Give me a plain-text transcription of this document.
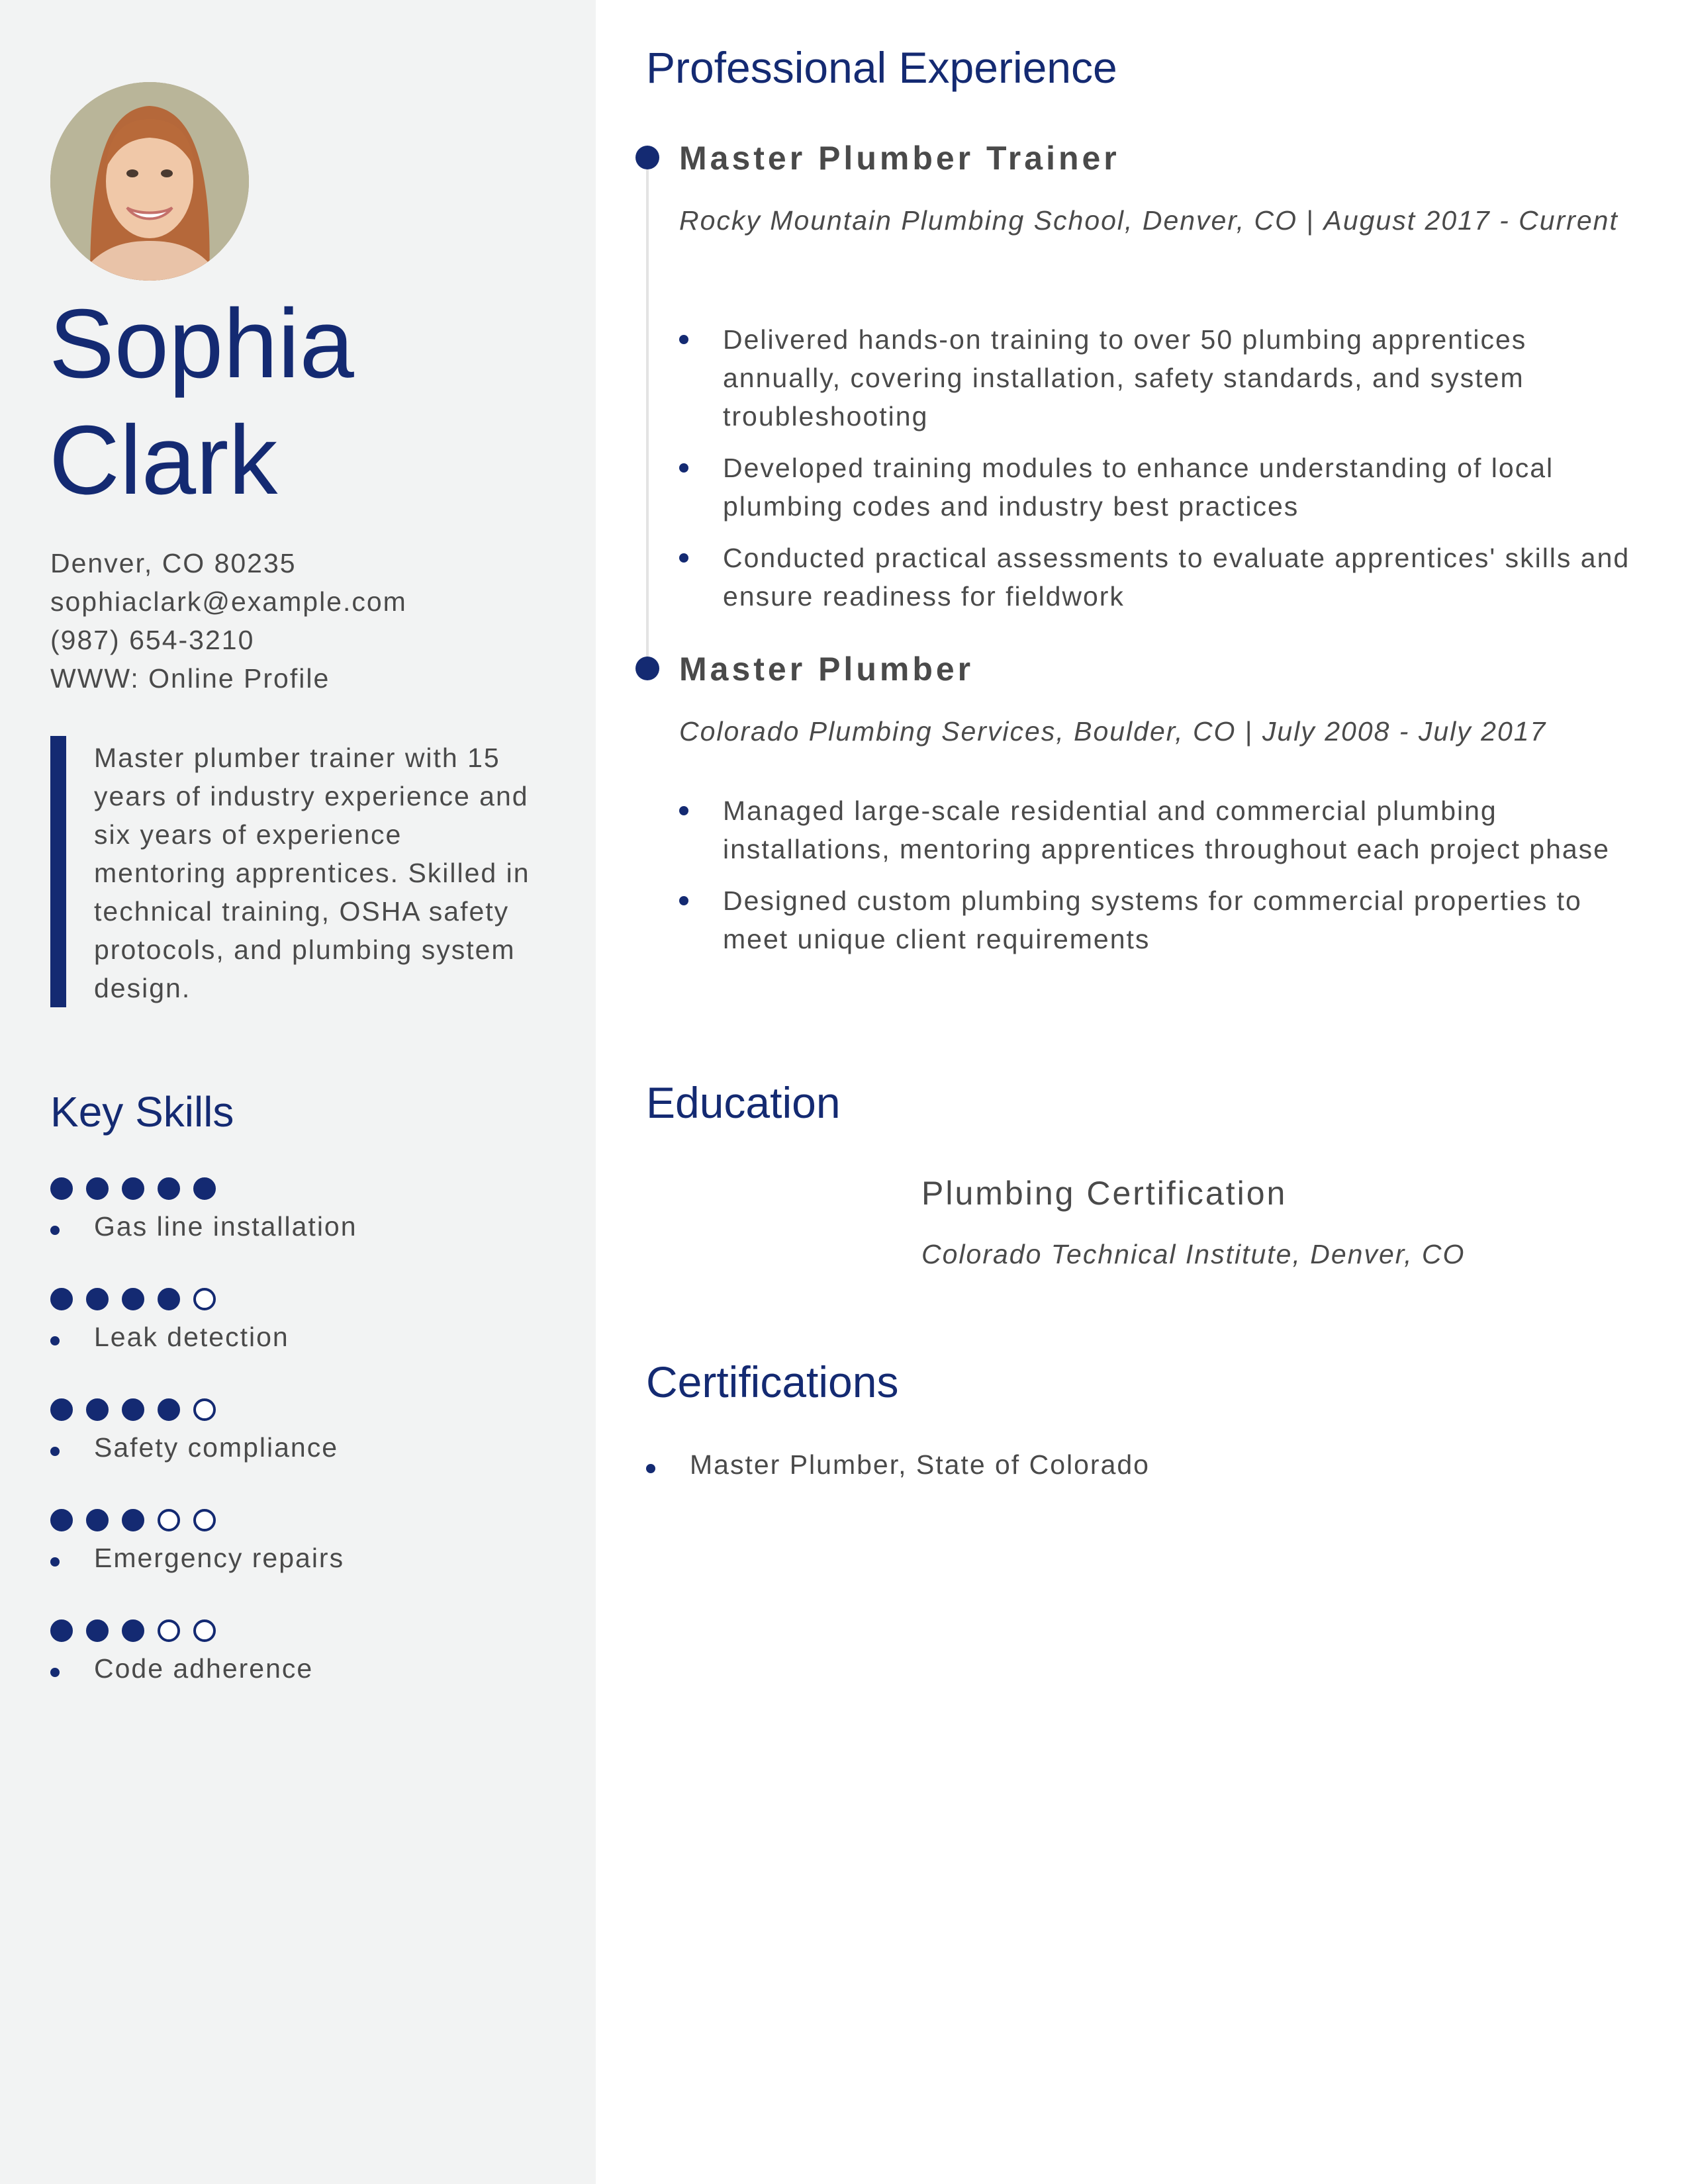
Sophia
Clark
Denver, CO 80235
sophiaclark@example.com
(987) 654-3210
WWW: Online Profile
Master plumber trainer with 15 years of industry experience and six years of experience mentoring apprentices. Skilled in technical training, OSHA safety protocols, and plumbing system design.
Key Skills
Gas line installation
Leak detection
Safety compliance
Emergency repairs
Code adherence
Professional Experience
Master Plumber Trainer
Rocky Mountain Plumbing School, Denver, CO | August 2017 - Current
Delivered hands-on training to over 50 plumbing apprentices annually, covering installation, safety standards, and system troubleshooting
Developed training modules to enhance understanding of local plumbing codes and industry best practices
Conducted practical assessments to evaluate apprentices' skills and ensure readiness for fieldwork
Master Plumber
Colorado Plumbing Services, Boulder, CO | July 2008 - July 2017
Managed large-scale residential and commercial plumbing installations, mentoring apprentices throughout each project phase
Designed custom plumbing systems for commercial properties to meet unique client requirements
Education
Plumbing Certification
Colorado Technical Institute, Denver, CO
Certifications
Master Plumber, State of Colorado
